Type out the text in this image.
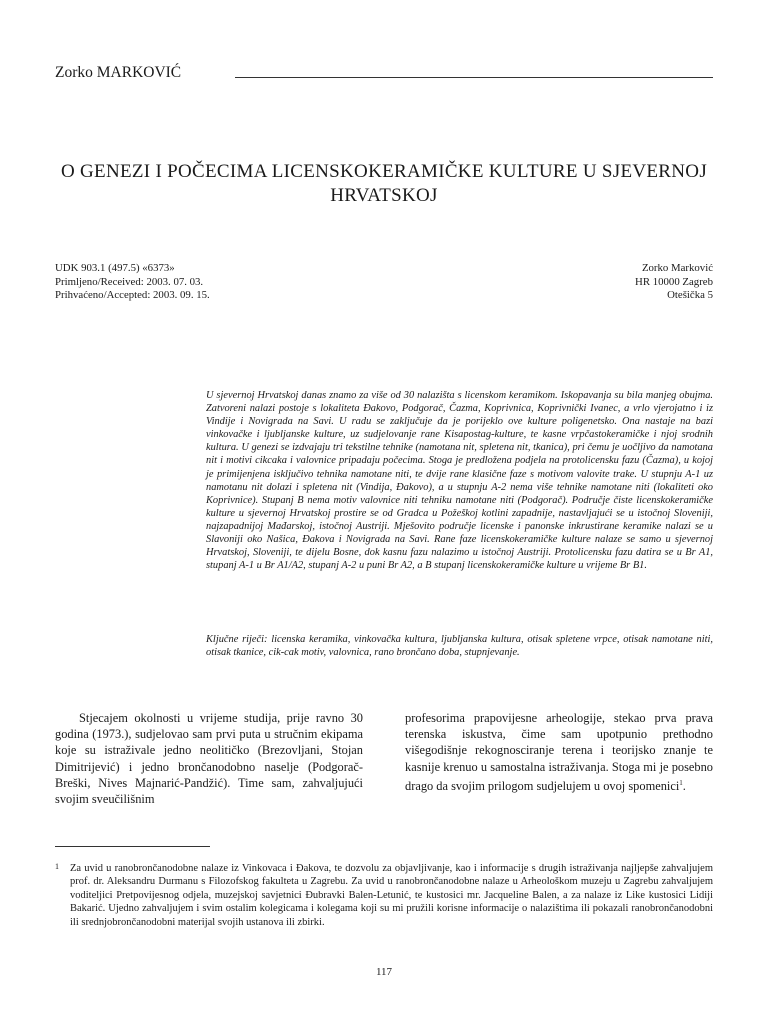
Zorko MARKOVIĆ
O GENEZI I POČECIMA LICENSKOKERAMIČKE KULTURE U SJEVERNOJ HRVATSKOJ
UDK 903.1 (497.5) «6373»
Primljeno/Received: 2003. 07. 03.
Prihvaćeno/Accepted: 2003. 09. 15.
Zorko Marković
HR 10000 Zagreb
Otešička 5
U sjevernoj Hrvatskoj danas znamo za više od 30 nalazišta s licenskom keramikom. Iskopavanja su bila manjeg obujma. Zatvoreni nalazi postoje s lokaliteta Đakovo, Podgorač, Čazma, Koprivnica, Koprivnički Ivanec, a vrlo vjerojatno i iz Vindije i Novigrada na Savi. U radu se zaključuje da je porijeklo ove kulture poligenetsko. Ona nastaje na bazi vinkovačke i ljubljanske kulture, uz sudjelovanje rane Kisapostag-kulture, te kasne vrpčastokeramičke i njoj srodnih kultura. U genezi se izdvajaju tri tekstilne tehnike (namotana nit, spletena nit, tkanica), pri čemu je uočljivo da namotana nit i motivi cikcaka i valovnice pripadaju počecima. Stoga je predložena podjela na protolicensku fazu (Čazma), u kojoj je primijenjena isključivo tehnika namotane niti, te dvije rane klasične faze s motivom valovite trake. U stupnju A-1 uz namotanu nit dolazi i spletena nit (Vindija, Đakovo), a u stupnju A-2 nema više tehnike namotane niti (lokaliteti oko Koprivnice). Stupanj B nema motiv valovnice niti tehniku namotane niti (Podgorač). Područje čiste licenskokeramičke kulture u sjevernoj Hrvatskoj prostire se od Gradca u Požeškoj kotlini zapadnije, nastavljajući se u istočnoj Sloveniji, najzapadnijoj Mađarskoj, istočnoj Austriji. Mješovito područje licenske i panonske inkrustirane keramike nalazi se u Slavoniji oko Našica, Đakova i Novigrada na Savi. Rane faze licenskokeramičke kulture nalaze se samo u sjevernoj Hrvatskoj, Sloveniji, te dijelu Bosne, dok kasnu fazu nalazimo u istočnoj Austriji. Protolicensku fazu datira se u Br A1, stupanj A-1 u Br A1/A2, stupanj A-2 u puni Br A2, a B stupanj licenskokeramičke kulture u vrijeme Br B1.
Ključne riječi: licenska keramika, vinkovačka kultura, ljubljanska kultura, otisak spletene vrpce, otisak namotane niti, otisak tkanice, cik-cak motiv, valovnica, rano brončano doba, stupnjevanje.
Stjecajem okolnosti u vrijeme studija, prije ravno 30 godina (1973.), sudjelovao sam prvi puta u stručnim ekipama koje su istraživale jedno neolitičko (Brezovljani, Stojan Dimitrijević) i jedno brončanodobno naselje (Podgorač-Breški, Nives Majnarić-Pandžić). Time sam, zahvaljujući svojim sveučilišnim
profesorima prapovijesne arheologije, stekao prva prava terenska iskustva, čime sam upotpunio prethodno višegodišnje rekognosciranje terena i teorijsko znanje te kasnije krenuo u samostalna istraživanja. Stoga mi je posebno drago da svojim prilogom sudjelujem u ovoj spomenici$^1$.
1 Za uvid u ranobrončanodobne nalaze iz Vinkovaca i Đakova, te dozvolu za objavljivanje, kao i informacije s drugih istraživanja najljepše zahvaljujem prof. dr. Aleksandru Durmanu s Filozofskog fakulteta u Zagrebu. Za uvid u ranobrončanodobne nalaze u Arheološkom muzeju u Zagrebu zahvaljujem voditeljici Pretpovijesnog odjela, muzejskoj savjetnici Đubravki Balen-Letunić, te kustosici mr. Jacqueline Balen, a za nalaze iz Like kustosici Lidiji Bakarić. Ujedno zahvaljujem i svim ostalim kolegicama i kolegama koji su mi pružili korisne informacije o nalazištima ili pokazali ranobrončanodobni ili srednjobrončanodobni materijal svojih ustanova ili zbirki.
117
